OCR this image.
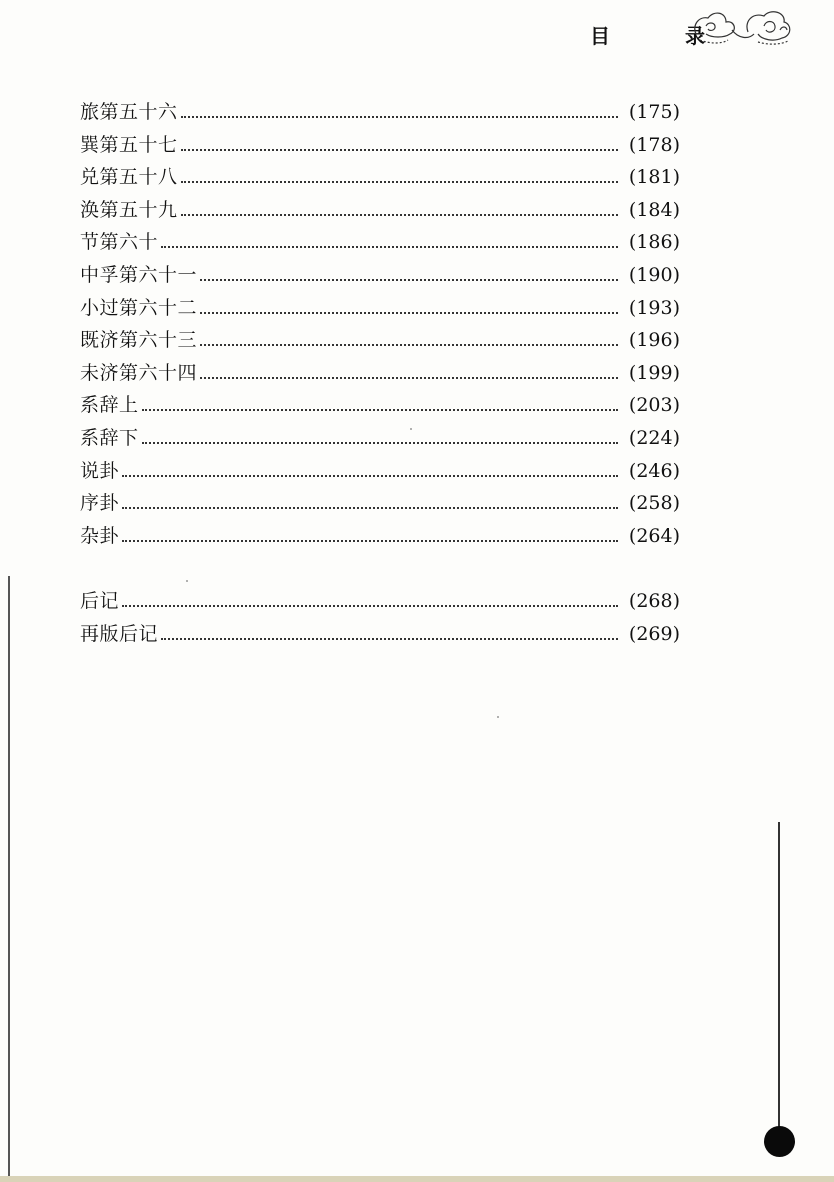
目 录
旅第五十六	(175)
巽第五十七	(178)
兑第五十八	(181)
涣第五十九	(184)
节第六十	(186)
中孚第六十一	(190)
小过第六十二	(193)
既济第六十三	(196)
未济第六十四	(199)
系辞上	(203)
系辞下	(224)
说卦	(246)
序卦	(258)
杂卦	(264)
后记	(268)
再版后记	(269)
